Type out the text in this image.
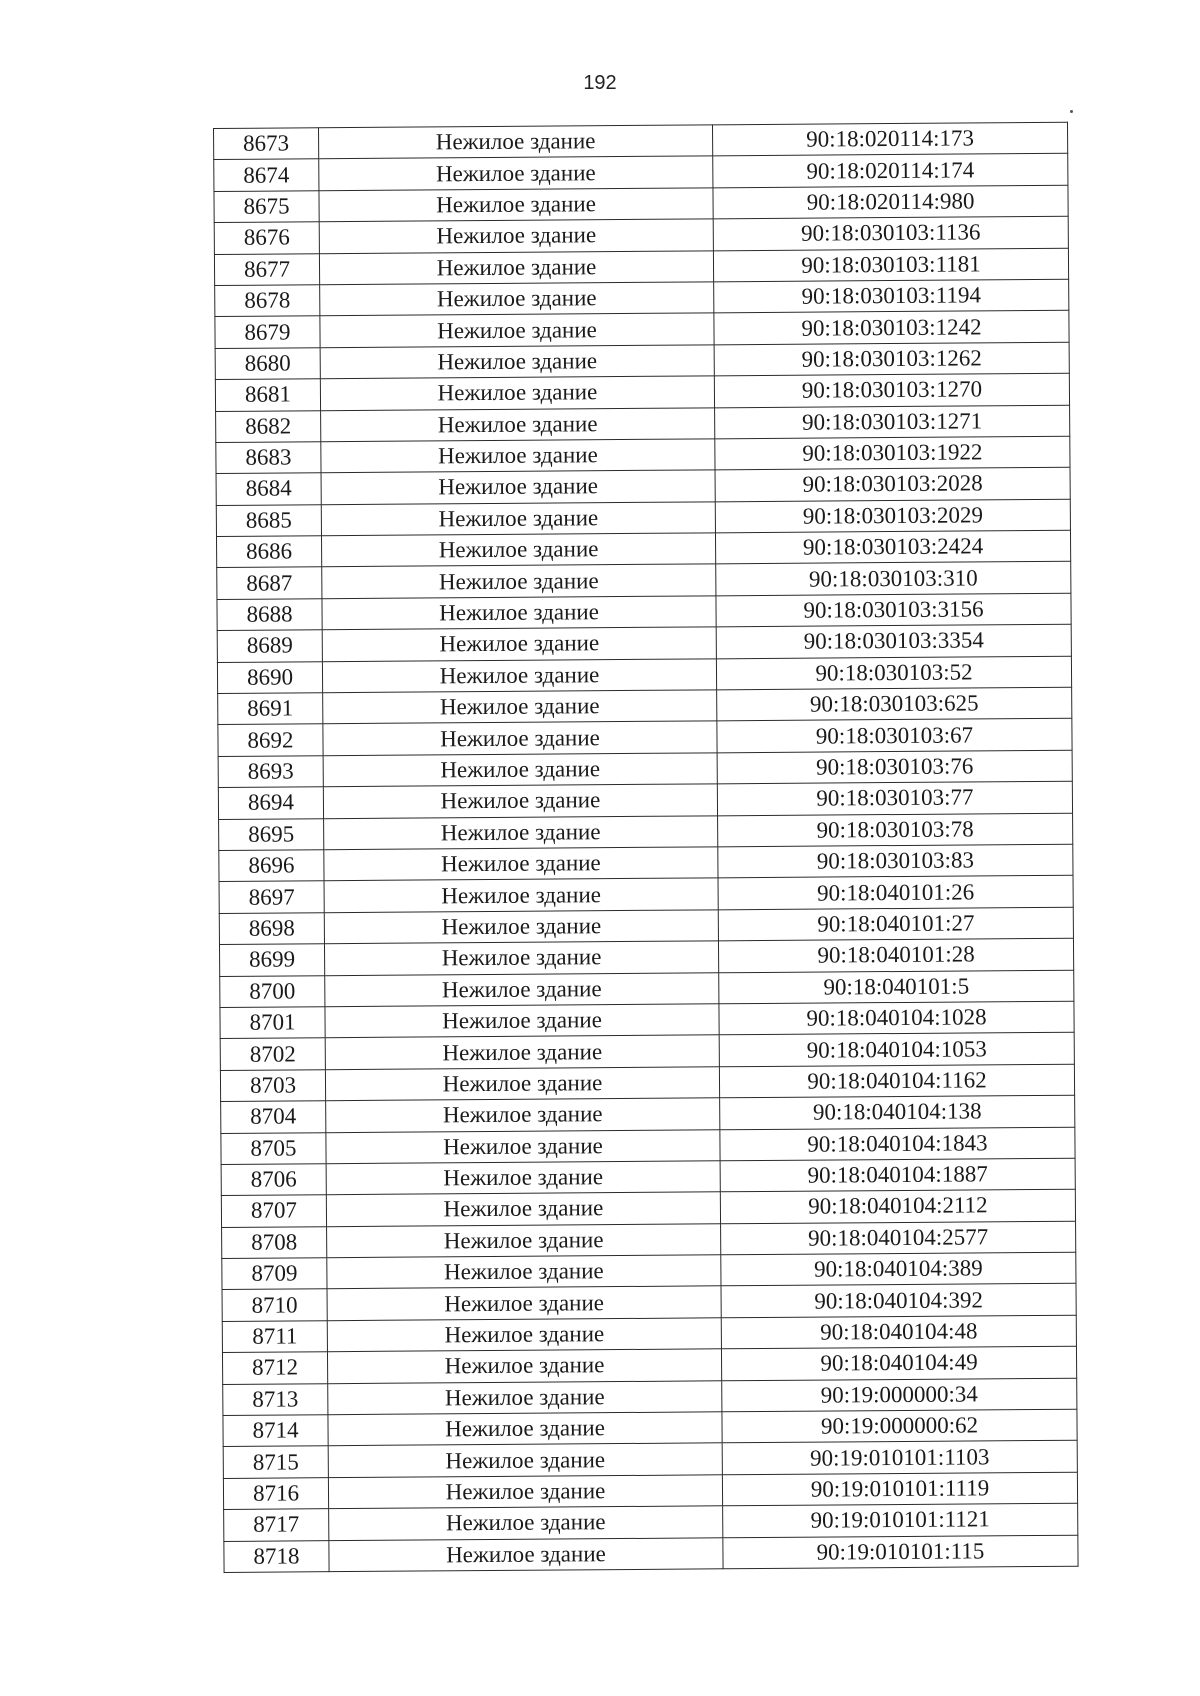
192
8673	Нежилое здание	90:18:020114:173
8674	Нежилое здание	90:18:020114:174
8675	Нежилое здание	90:18:020114:980
8676	Нежилое здание	90:18:030103:1136
8677	Нежилое здание	90:18:030103:1181
8678	Нежилое здание	90:18:030103:1194
8679	Нежилое здание	90:18:030103:1242
8680	Нежилое здание	90:18:030103:1262
8681	Нежилое здание	90:18:030103:1270
8682	Нежилое здание	90:18:030103:1271
8683	Нежилое здание	90:18:030103:1922
8684	Нежилое здание	90:18:030103:2028
8685	Нежилое здание	90:18:030103:2029
8686	Нежилое здание	90:18:030103:2424
8687	Нежилое здание	90:18:030103:310
8688	Нежилое здание	90:18:030103:3156
8689	Нежилое здание	90:18:030103:3354
8690	Нежилое здание	90:18:030103:52
8691	Нежилое здание	90:18:030103:625
8692	Нежилое здание	90:18:030103:67
8693	Нежилое здание	90:18:030103:76
8694	Нежилое здание	90:18:030103:77
8695	Нежилое здание	90:18:030103:78
8696	Нежилое здание	90:18:030103:83
8697	Нежилое здание	90:18:040101:26
8698	Нежилое здание	90:18:040101:27
8699	Нежилое здание	90:18:040101:28
8700	Нежилое здание	90:18:040101:5
8701	Нежилое здание	90:18:040104:1028
8702	Нежилое здание	90:18:040104:1053
8703	Нежилое здание	90:18:040104:1162
8704	Нежилое здание	90:18:040104:138
8705	Нежилое здание	90:18:040104:1843
8706	Нежилое здание	90:18:040104:1887
8707	Нежилое здание	90:18:040104:2112
8708	Нежилое здание	90:18:040104:2577
8709	Нежилое здание	90:18:040104:389
8710	Нежилое здание	90:18:040104:392
8711	Нежилое здание	90:18:040104:48
8712	Нежилое здание	90:18:040104:49
8713	Нежилое здание	90:19:000000:34
8714	Нежилое здание	90:19:000000:62
8715	Нежилое здание	90:19:010101:1103
8716	Нежилое здание	90:19:010101:1119
8717	Нежилое здание	90:19:010101:1121
8718	Нежилое здание	90:19:010101:115
